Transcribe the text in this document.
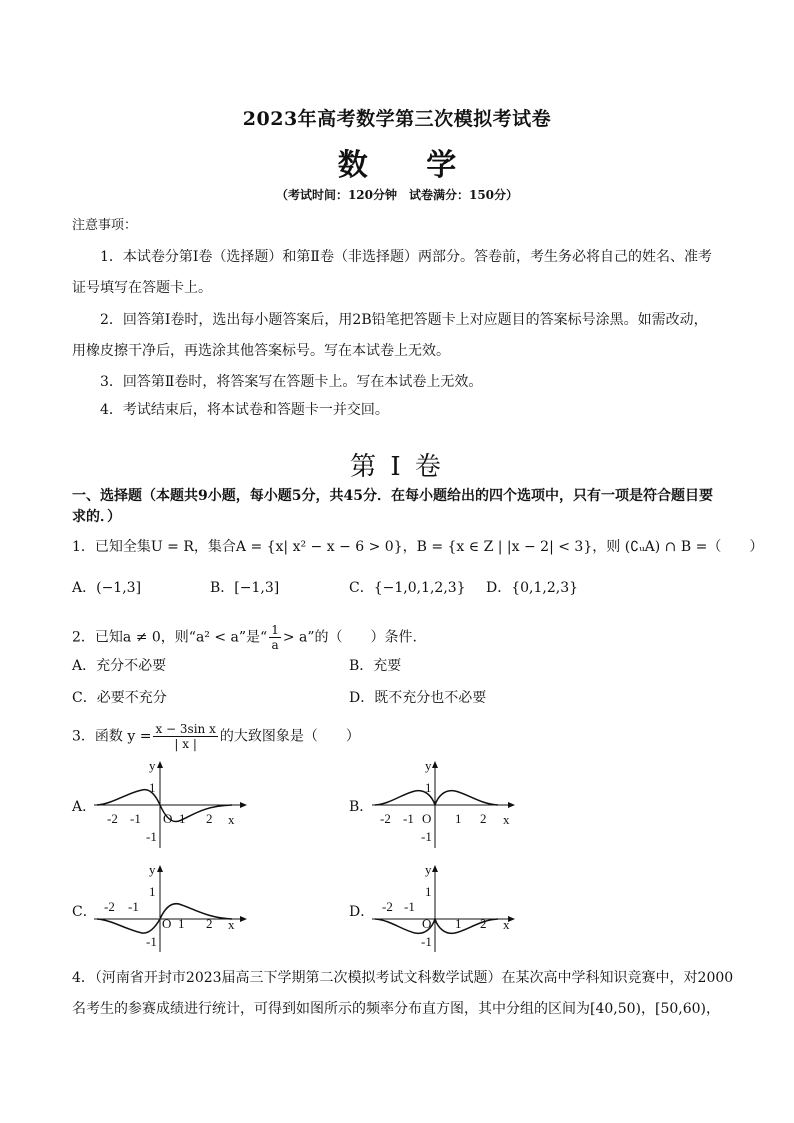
2023年高考数学第三次模拟考试卷
数 学
（考试时间：120分钟　试卷满分：150分）
注意事项：
1．本试卷分第Ⅰ卷（选择题）和第Ⅱ卷（非选择题）两部分。答卷前，考生务必将自己的姓名、准考
证号填写在答题卡上。
2．回答第Ⅰ卷时，选出每小题答案后，用2B铅笔把答题卡上对应题目的答案标号涂黑。如需改动，
用橡皮擦干净后，再选涂其他答案标号。写在本试卷上无效。
3．回答第Ⅱ卷时，将答案写在答题卡上。写在本试卷上无效。
4．考试结束后，将本试卷和答题卡一并交回。
第 I 卷
一、选择题（本题共9小题，每小题5分，共45分．在每小题给出的四个选项中，只有一项是符合题目要
求的．）
1．已知全集U = R，集合A = {x| x² − x − 6 > 0}，B = {x ∈ Z | |x − 2| < 3}，则 (∁ᵤA) ∩ B =（　　）
A．(−1,3]	B．[−1,3]	C．{−1,0,1,2,3} D．{0,1,2,3}
2．已知a ≠ 0，则“a² < a”是“ $\frac{1}{a} > a$”的（　　）条件.
A．充分不必要	B．充要
C．必要不充分	D．既不充分也不必要
3．函数 $y = \frac{\text{x − 3sin x}}{| x |}$ 的大致图象是（　　）
A．	B．
C．	D．
y
1
-2 -1 O 1 2 x
-1
y
1
-2 -1 O 1 2 x
-1
y
1
-2 -1
O 1 2 x
-1
y
1
-2 -1
O 1 2 x
-1
4．（河南省开封市2023届高三下学期第二次模拟考试文科数学试题）在某次高中学科知识竞赛中，对2000
名考生的参赛成绩进行统计，可得到如图所示的频率分布直方图，其中分组的区间为[40,50)，[50,60)，
